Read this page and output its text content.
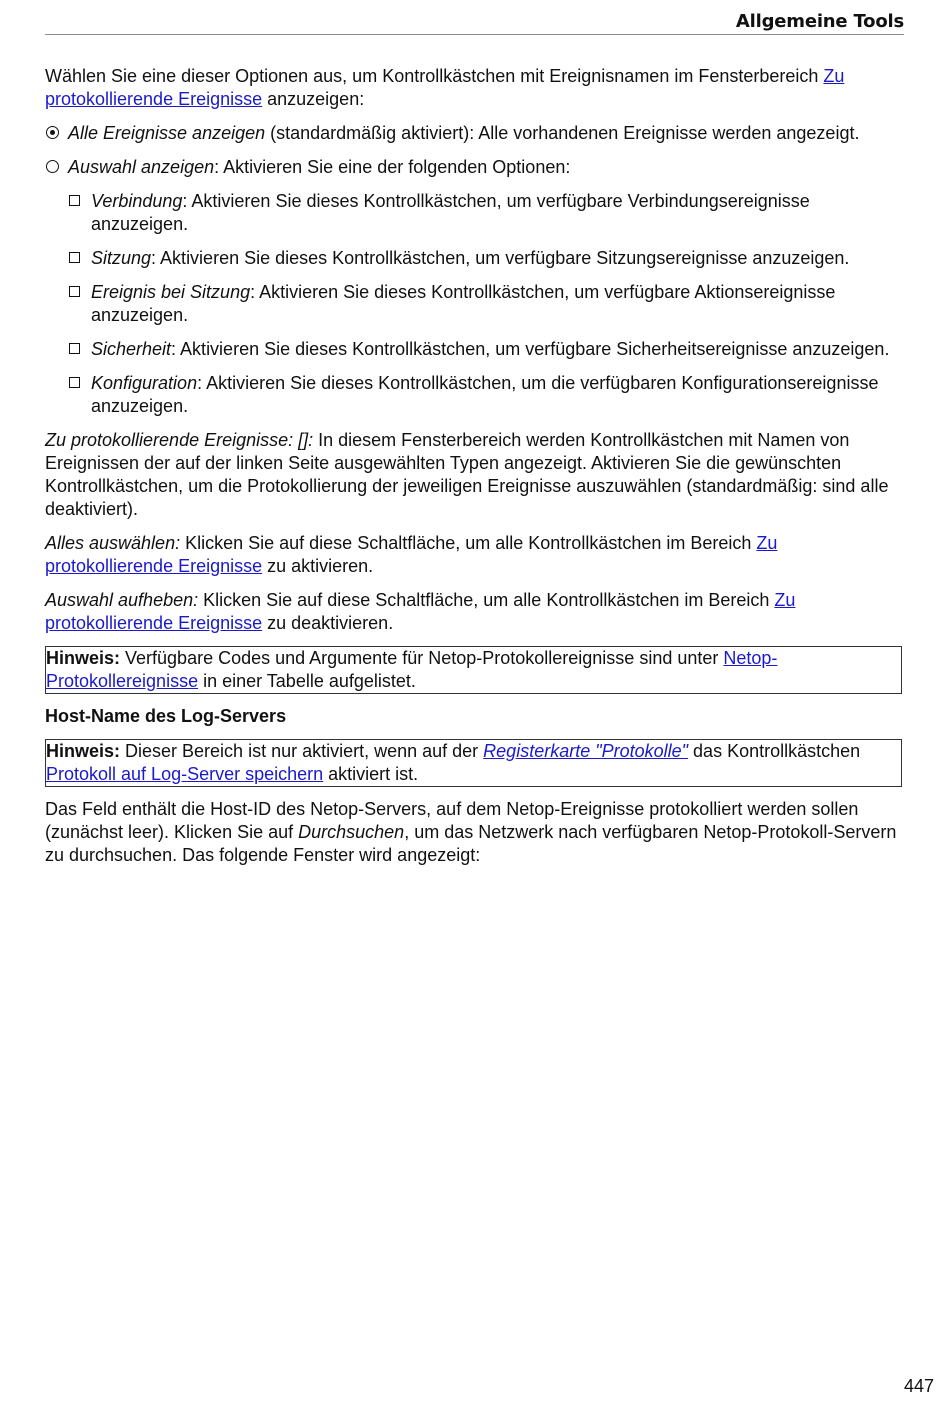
Allgemeine Tools

Wählen Sie eine dieser Optionen aus, um Kontrollkästchen mit Ereignisnamen im Fensterbereich Zu protokollierende Ereignisse anzuzeigen:

Alle Ereignisse anzeigen (standardmäßig aktiviert): Alle vorhandenen Ereignisse werden angezeigt.
Auswahl anzeigen: Aktivieren Sie eine der folgenden Optionen:
Verbindung: Aktivieren Sie dieses Kontrollkästchen, um verfügbare Verbindungsereignisse anzuzeigen.
Sitzung: Aktivieren Sie dieses Kontrollkästchen, um verfügbare Sitzungsereignisse anzuzeigen.
Ereignis bei Sitzung: Aktivieren Sie dieses Kontrollkästchen, um verfügbare Aktionsereignisse anzuzeigen.
Sicherheit: Aktivieren Sie dieses Kontrollkästchen, um verfügbare Sicherheitsereignisse anzuzeigen.
Konfiguration: Aktivieren Sie dieses Kontrollkästchen, um die verfügbaren Konfigurationsereignisse anzuzeigen.

Zu protokollierende Ereignisse: []: In diesem Fensterbereich werden Kontrollkästchen mit Namen von Ereignissen der auf der linken Seite ausgewählten Typen angezeigt. Aktivieren Sie die gewünschten Kontrollkästchen, um die Protokollierung der jeweiligen Ereignisse auszuwählen (standardmäßig: sind alle deaktiviert).

Alles auswählen: Klicken Sie auf diese Schaltfläche, um alle Kontrollkästchen im Bereich Zu protokollierende Ereignisse zu aktivieren.

Auswahl aufheben: Klicken Sie auf diese Schaltfläche, um alle Kontrollkästchen im Bereich Zu protokollierende Ereignisse zu deaktivieren.

Hinweis: Verfügbare Codes und Argumente für Netop-Protokollereignisse sind unter Netop-Protokollereignisse in einer Tabelle aufgelistet.
Host-Name des Log-Servers
Hinweis: Dieser Bereich ist nur aktiviert, wenn auf der Registerkarte "Protokolle" das Kontrollkästchen Protokoll auf Log-Server speichern aktiviert ist.

Das Feld enthält die Host-ID des Netop-Servers, auf dem Netop-Ereignisse protokolliert werden sollen (zunächst leer). Klicken Sie auf Durchsuchen, um das Netzwerk nach verfügbaren Netop-Protokoll-Servern zu durchsuchen. Das folgende Fenster wird angezeigt:

447
